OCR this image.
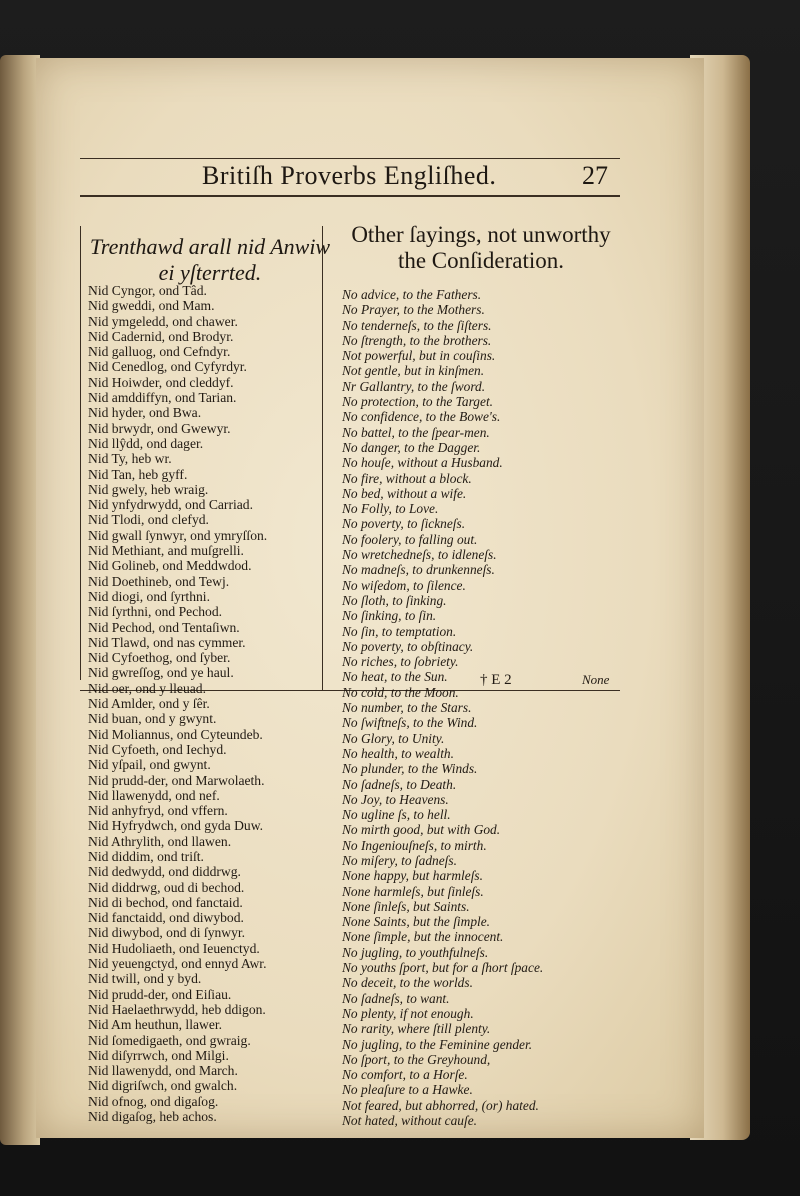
Britiſh Proverbs Engliſhed.	27
Trenthawd arall nid Anwiw ei yſterrted.
Other ſayings, not unworthy the Conſideration.
Nid Cyngor, ond Tâd.
Nid gweddi, ond Mam.
Nid ymgeledd, ond chawer.
Nid Cadernid, ond Brodyr.
Nid galluog, ond Cefndyr.
Nid Cenedlog, ond Cyfyrdyr.
Nid Hoiwder, ond cleddyf.
Nid amddiffyn, ond Tarian.
Nid hyder, ond Bwa.
Nid brwydr, ond Gwewyr.
Nid llŷdd, ond dager.
Nid Ty, heb wr.
Nid Tan, heb gyff.
Nid gwely, heb wraig.
Nid ynfydrwydd, ond Carriad.
Nid Tlodi, ond clefyd.
Nid gwall ſynwyr, ond ymryſſon.
Nid Methiant, and muſgrelli.
Nid Golineb, ond Meddwdod.
Nid Doethineb, ond Tewj.
Nid diogi, ond ſyrthni.
Nid ſyrthni, ond Pechod.
Nid Pechod, ond Tentaſiwn.
Nid Tlawd, ond nas cymmer.
Nid Cyfoethog, ond ſyber.
Nid gwreſſog, ond ye haul.
Nid oer, ond y lleuad.
Nid Amlder, ond y ſêr.
Nid buan, ond y gwynt.
Nid Moliannus, ond Cyteundeb.
Nid Cyfoeth, ond Iechyd.
Nid yſpail, ond gwynt.
Nid prudd-der, ond Marwolaeth.
Nid llawenydd, ond nef.
Nid anhyfryd, ond vffern.
Nid Hyfrydwch, ond gyda Duw.
Nid Athrylith, ond llawen.
Nid diddim, ond triſt.
Nid dedwydd, ond diddrwg.
Nid diddrwg, oud di bechod.
Nid di bechod, ond fanctaid.
Nid fanctaidd, ond diwybod.
Nid diwybod, ond di ſynwyr.
Nid Hudoliaeth, ond Ieuenctyd.
Nid yeuengctyd, ond ennyd Awr.
Nid twill, ond y byd.
Nid prudd-der, ond Eiſiau.
Nid Haelaethrwydd, heb ddigon.
Nid Am heuthun, llawer.
Nid ſomedigaeth, ond gwraig.
Nid diſyrrwch, ond Milgi.
Nid llawenydd, ond March.
Nid digriſwch, ond gwalch.
Nid ofnog, ond digaſog.
Nid digaſog, heb achos.
No advice, to the Fathers.
No Prayer, to the Mothers.
No tenderneſs, to the ſiſters.
No ſtrength, to the brothers.
Not powerful, but in couſins.
Not gentle, but in kinſmen.
Nr Gallantry, to the ſword.
No protection, to the Target.
No confidence, to the Bowe's.
No battel, to the ſpear-men.
No danger, to the Dagger.
No houſe, without a Husband.
No fire, without a block.
No bed, without a wife.
No Folly, to Love.
No poverty, to ſickneſs.
No foolery, to falling out.
No wretchedneſs, to idleneſs.
No madneſs, to drunkenneſs.
No wiſedom, to ſilence.
No ſloth, to ſinking.
No ſinking, to ſin.
No ſin, to temptation.
No poverty, to obſtinacy.
No riches, to ſobriety.
No heat, to the Sun.
No cold, to the Moon.
No number, to the Stars.
No ſwiftneſs, to the Wind.
No Glory, to Unity.
No health, to wealth.
No plunder, to the Winds.
No ſadneſs, to Death.
No Joy, to Heavens.
No ugline ſs, to hell.
No mirth good, but with God.
No Ingeniouſneſs, to mirth.
No miſery, to ſadneſs.
None happy, but harmleſs.
None harmleſs, but ſinleſs.
None ſinleſs, but Saints.
None Saints, but the ſimple.
None ſimple, but the innocent.
No jugling, to youthfulneſs.
No youths ſport, but for a ſhort ſpace.
No deceit, to the worlds.
No ſadneſs, to want.
No plenty, if not enough.
No rarity, where ſtill plenty.
No jugling, to the Feminine gender.
No ſport, to the Greyhound,
No comfort, to a Horſe.
No pleaſure to a Hawke.
Not feared, but abhorred, (or) hated.
Not hated, without cauſe.
† E 2	None
